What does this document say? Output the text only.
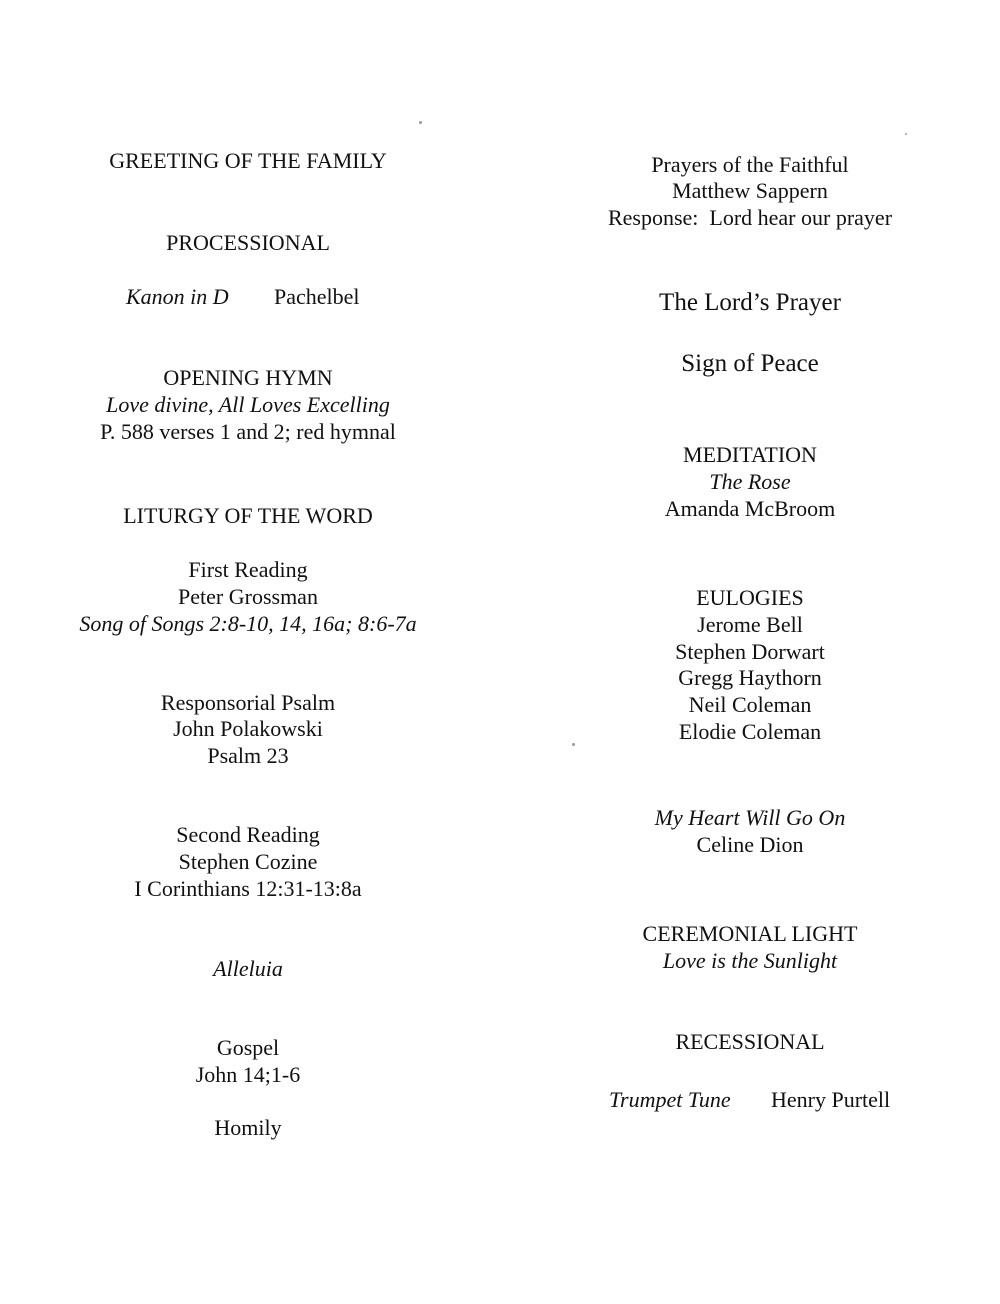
GREETING OF THE FAMILY
PROCESSIONAL
Kanon in D Pachelbel
OPENING HYMN
Love divine, All Loves Excelling
P. 588 verses 1 and 2; red hymnal
LITURGY OF THE WORD
First Reading
Peter Grossman
Song of Songs 2:8-10, 14, 16a; 8:6-7a
Responsorial Psalm
John Polakowski
Psalm 23
Second Reading
Stephen Cozine
I Corinthians 12:31-13:8a
Alleluia
Gospel
John 14;1-6
Homily
Prayers of the Faithful
Matthew Sappern
Response:  Lord hear our prayer
The Lord’s Prayer
Sign of Peace
MEDITATION
The Rose
Amanda McBroom
EULOGIES
Jerome Bell
Stephen Dorwart
Gregg Haythorn
Neil Coleman
Elodie Coleman
My Heart Will Go On
Celine Dion
CEREMONIAL LIGHT
Love is the Sunlight
RECESSIONAL
Trumpet Tune Henry Purtell
